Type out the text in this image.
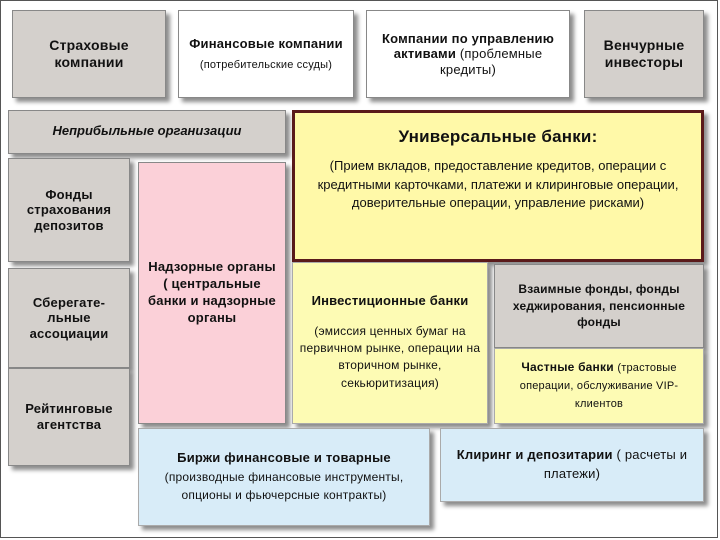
Страховые компании
Финансовые компании
(потребительские ссуды)
Компании по управлению активами (проблемные кредиты)
Венчурные инвесторы
Неприбыльные организации	Универсальные банки:
(Прием вкладов, предоставление кредитов, операции с кредитными карточками, платежи и клиринговые операции, доверительные операции, управление рисками)
Фонды страхования депозитов
Сберегате-льные ассоциации
Рейтинговые агентства
Надзорные органы ( центральные банки и надзорные органы
Инвестиционные банки
(эмиссия ценных бумаг на первичном рынке, операции на вторичном рынке, секьюритизация)
Взаимные фонды, фонды хеджирования, пенсионные фонды
Частные банки (трастовые операции, обслуживание VIP-клиентов
Биржи финансовые и товарные (производные финансовые инструменты, опционы и фьючерсные контракты)
Клиринг и депозитарии ( расчеты и платежи)
